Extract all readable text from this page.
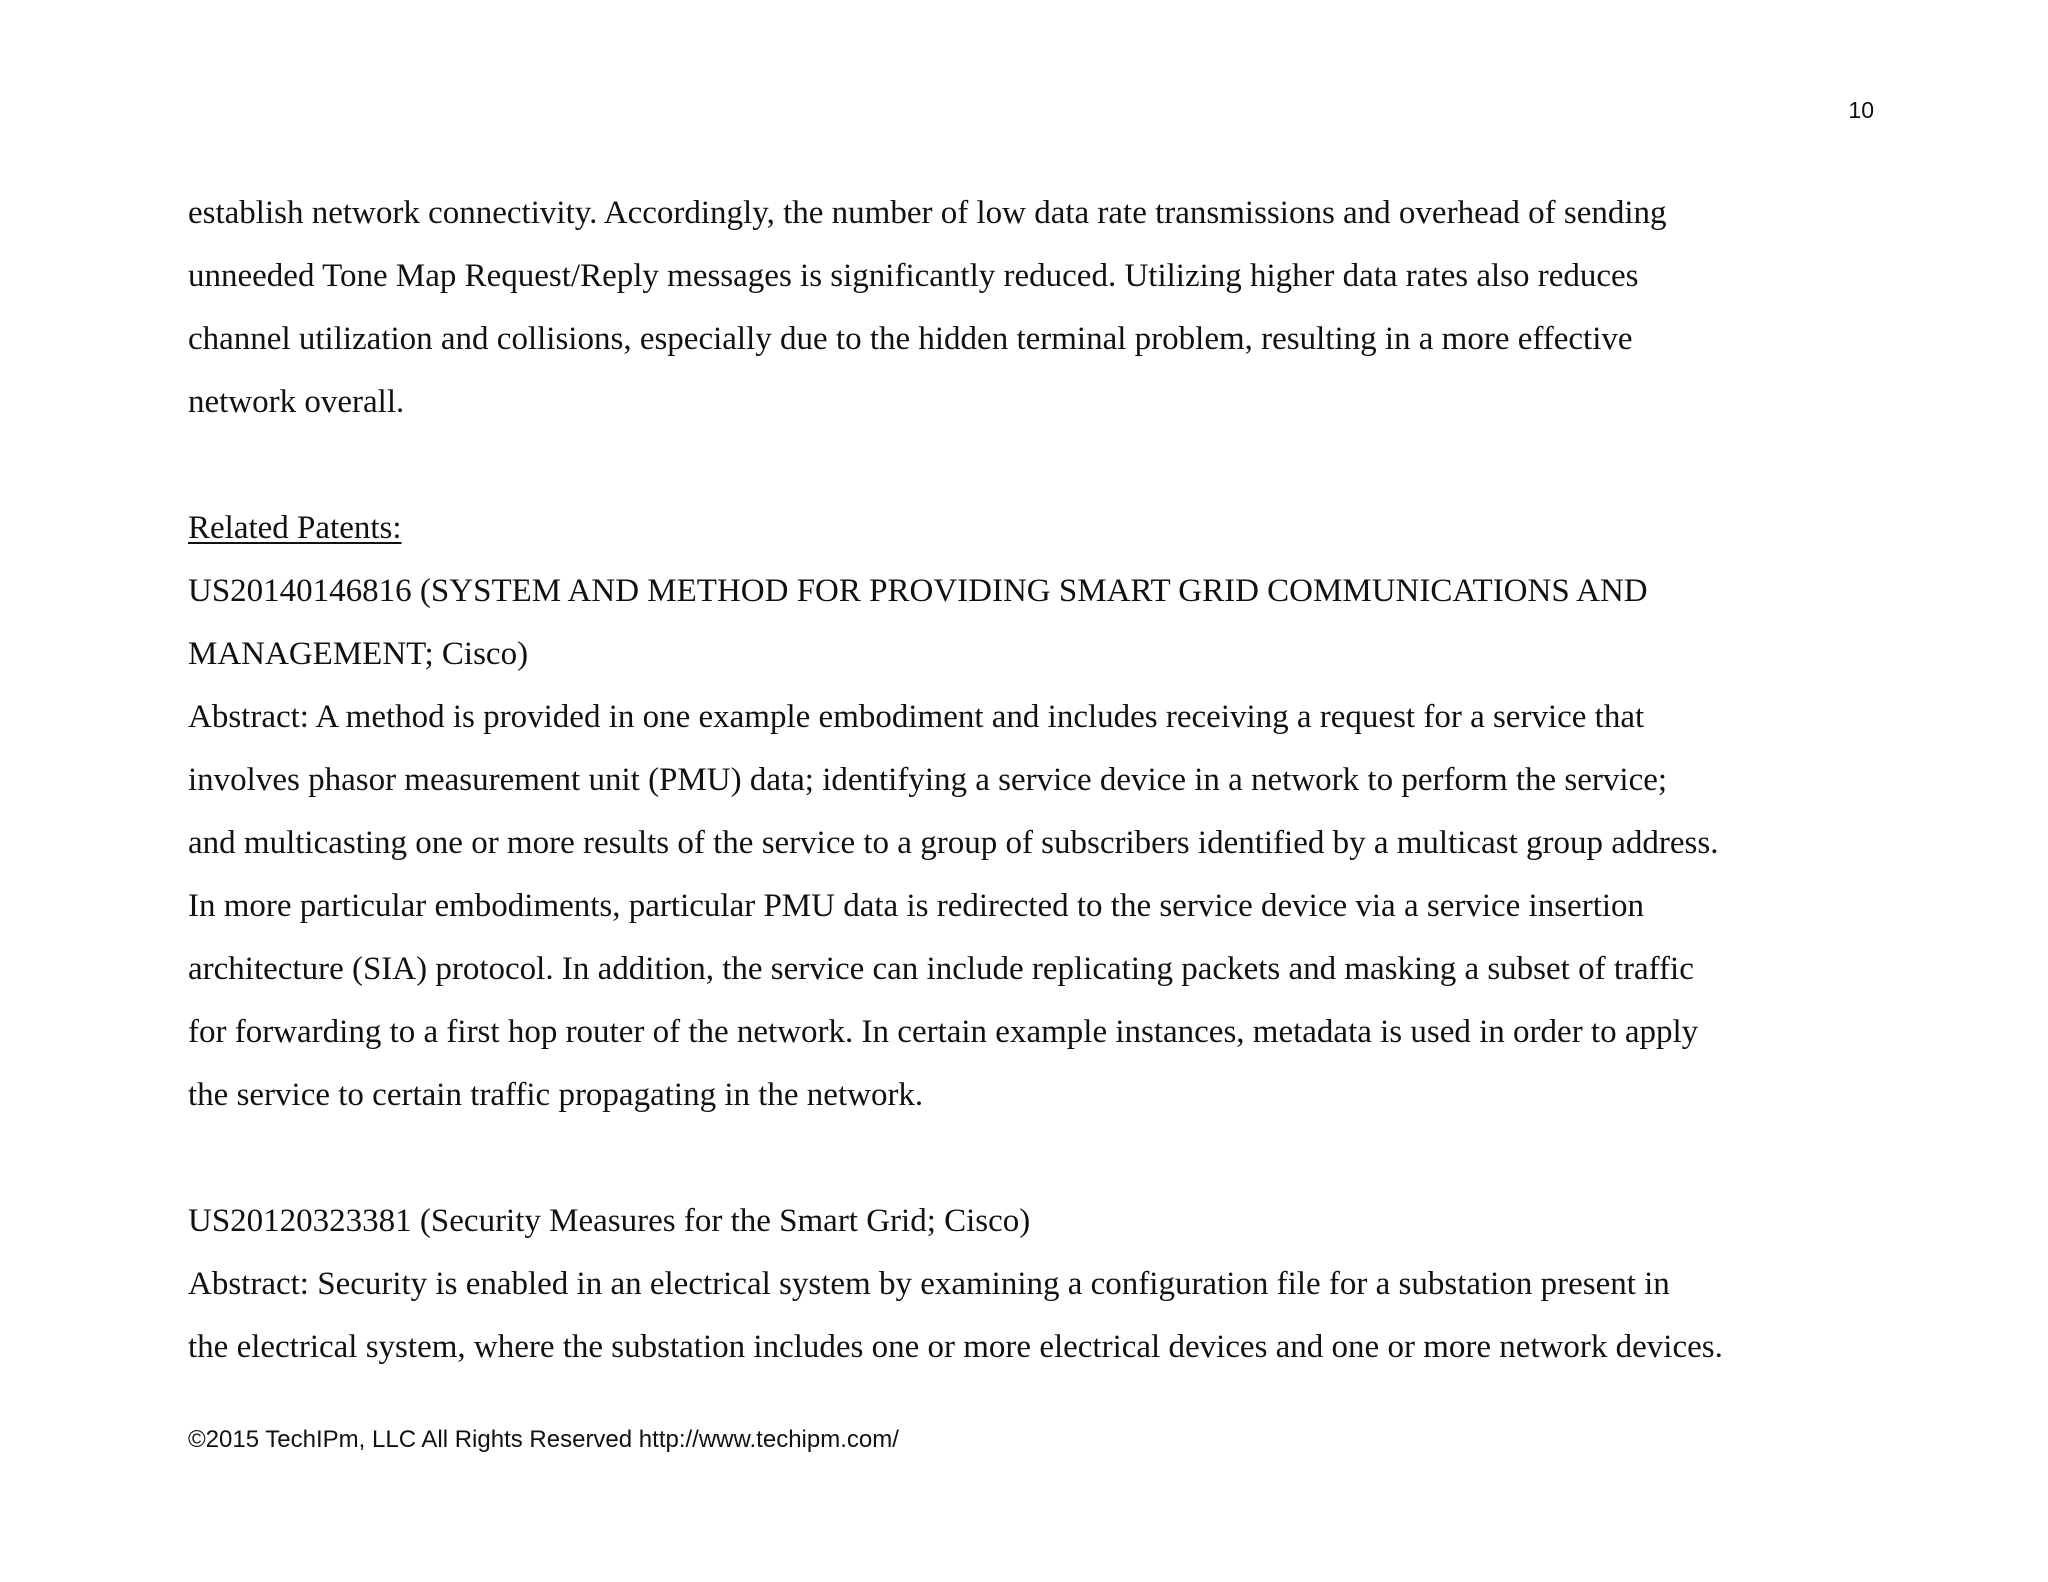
10
establish network connectivity. Accordingly, the number of low data rate transmissions and overhead of sending
unneeded Tone Map Request/Reply messages is significantly reduced. Utilizing higher data rates also reduces
channel utilization and collisions, especially due to the hidden terminal problem, resulting in a more effective
network overall.
Related Patents:
US20140146816 (SYSTEM AND METHOD FOR PROVIDING SMART GRID COMMUNICATIONS AND
MANAGEMENT; Cisco)
Abstract: A method is provided in one example embodiment and includes receiving a request for a service that
involves phasor measurement unit (PMU) data; identifying a service device in a network to perform the service;
and multicasting one or more results of the service to a group of subscribers identified by a multicast group address.
In more particular embodiments, particular PMU data is redirected to the service device via a service insertion
architecture (SIA) protocol. In addition, the service can include replicating packets and masking a subset of traffic
for forwarding to a first hop router of the network. In certain example instances, metadata is used in order to apply
the service to certain traffic propagating in the network.
US20120323381 (Security Measures for the Smart Grid; Cisco)
Abstract: Security is enabled in an electrical system by examining a configuration file for a substation present in
the electrical system, where the substation includes one or more electrical devices and one or more network devices.
©2015 TechIPm, LLC All Rights Reserved http://www.techipm.com/
